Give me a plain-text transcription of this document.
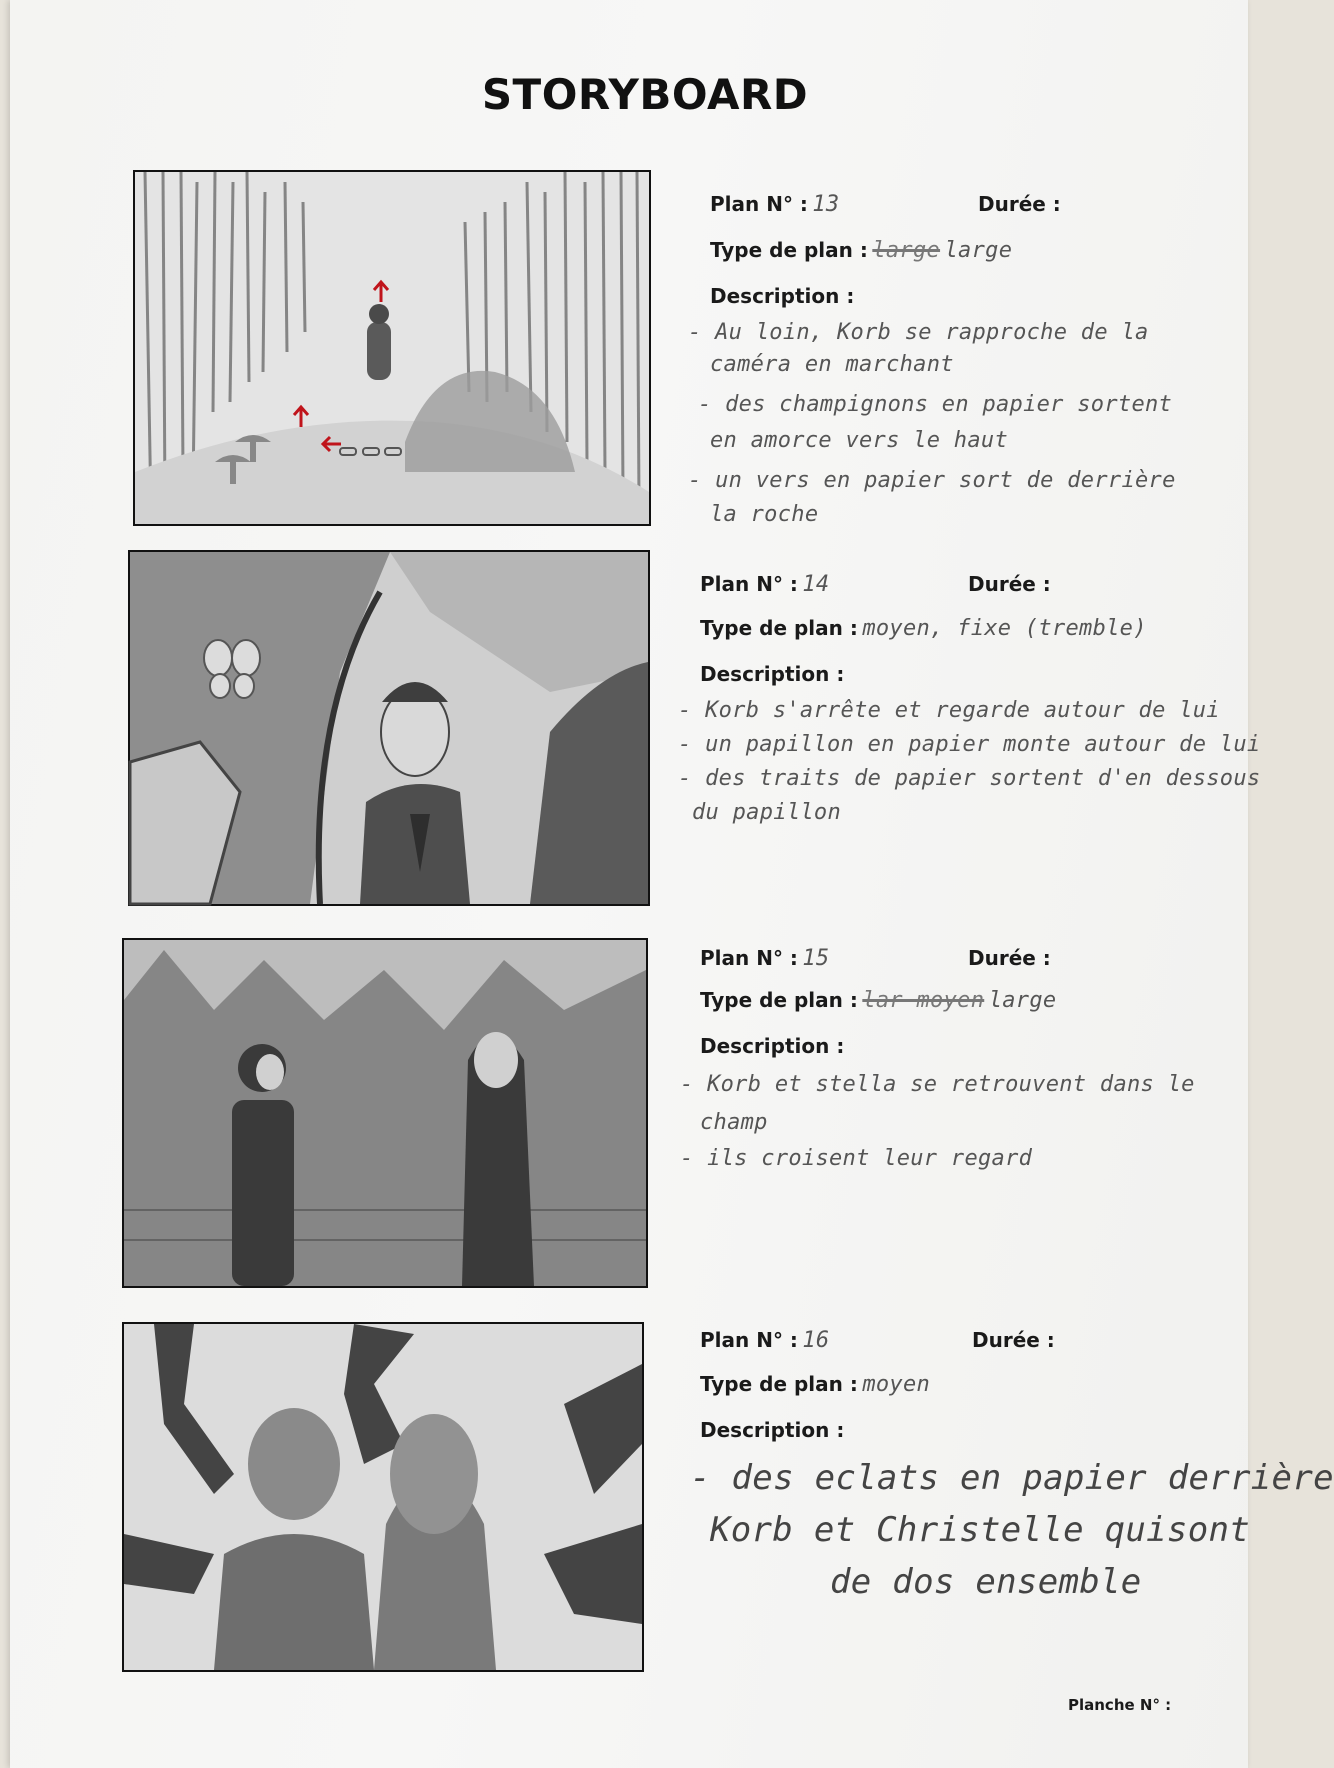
STORYBOARD
Plan N° : 13	Durée :
Type de plan : large large
Description :
- Au loin, Korb se rapproche de la
caméra en marchant
- des champignons en papier sortent
en amorce vers le haut
- un vers en papier sort de derrière
la roche
Plan N° : 14	Durée :
Type de plan : moyen, fixe (tremble)
Description :
- Korb s'arrête et regarde autour de lui
- un papillon en papier monte autour de lui
- des traits de papier sortent d'en dessous
du papillon
Plan N° : 15	Durée :
Type de plan : lar moyen large
Description :
- Korb et stella se retrouvent dans le
champ
- ils croisent leur regard
Plan N° : 16	Durée :
Type de plan : moyen
Description :
- des eclats en papier derrière
Korb et Christelle quisont
de dos ensemble
Planche N° :
